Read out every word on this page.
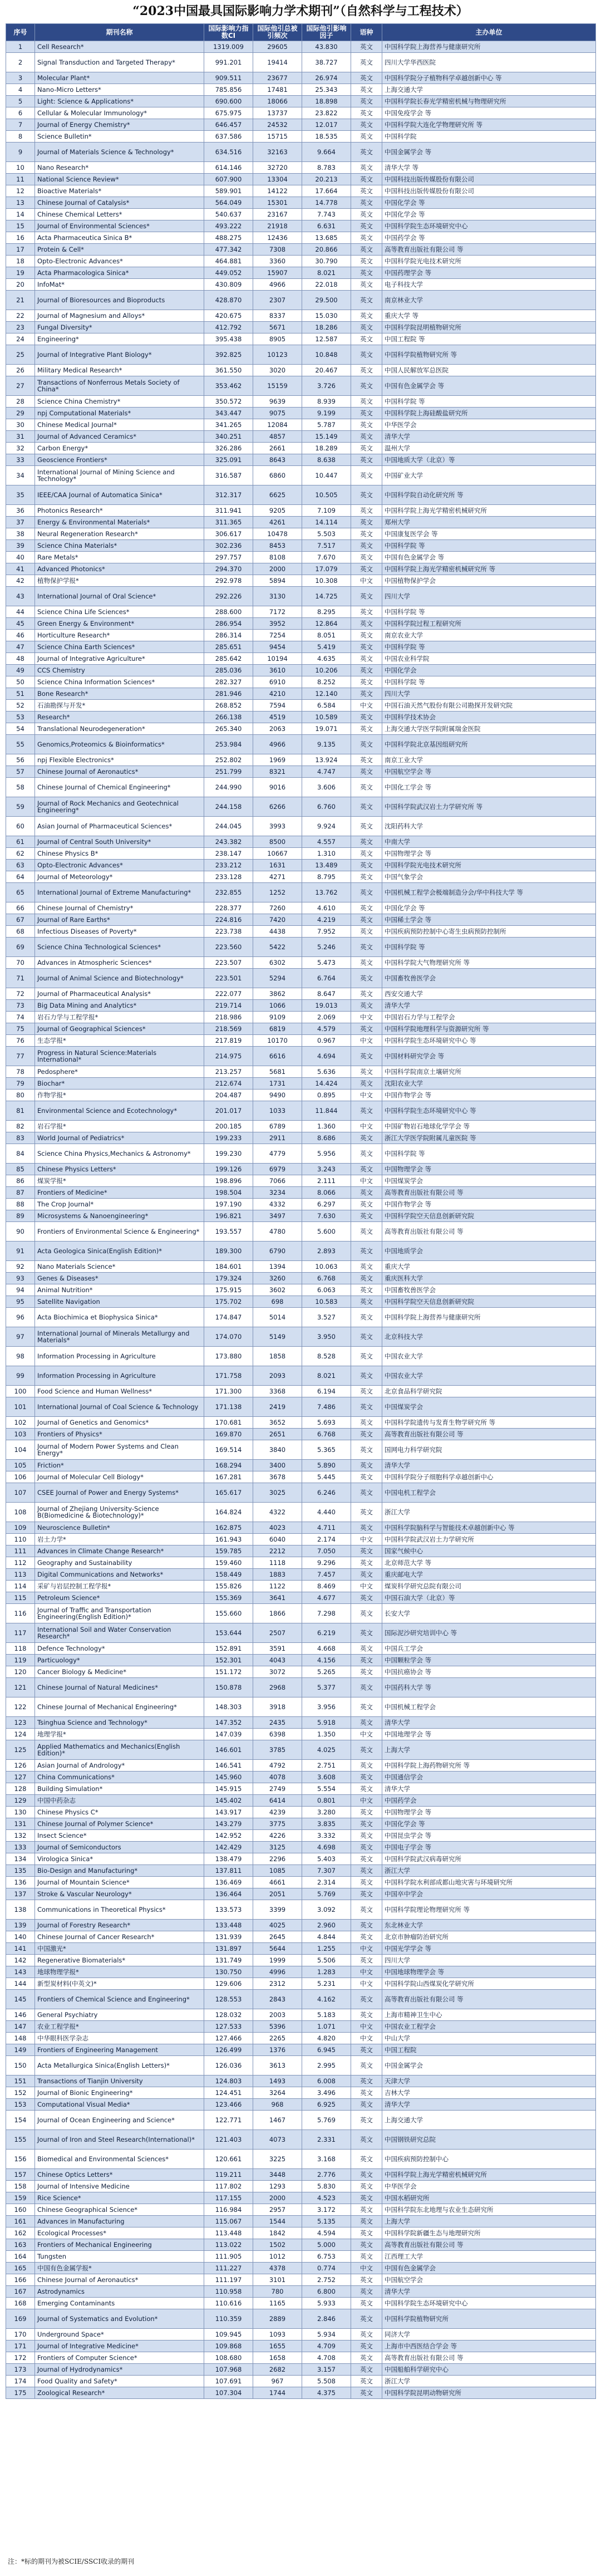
“2023中国最具国际影响力学术期刊”（自然科学与工程技术）
序号	期刊名称	国际影响力指数CI	国际他引总被引频次	国际他引影响因子	语种	主办单位
1	Cell Research*	1319.009	29605	43.830	英文	中国科学院上海营养与健康研究所
2	Signal Transduction and Targeted Therapy*	991.201	19414	38.727	英文	四川大学华西医院
3	Molecular Plant*	909.511	23677	26.974	英文	中国科学院分子植物科学卓越创新中心 等
4	Nano-Micro Letters*	785.856	17481	25.343	英文	上海交通大学
5	Light: Science & Applications*	690.600	18066	18.898	英文	中国科学院长春光学精密机械与物理研究所
6	Cellular & Molecular Immunology*	675.975	13737	23.822	英文	中国免疫学会 等
7	Journal of Energy Chemistry*	646.457	24532	12.017	英文	中国科学院大连化学物理研究所 等
8	Science Bulletin*	637.586	15715	18.535	英文	中国科学院
9	Journal of Materials Science & Technology*	634.516	32163	9.664	英文	中国金属学会 等
10	Nano Research*	614.146	32720	8.783	英文	清华大学 等
11	National Science Review*	607.900	13304	20.213	英文	中国科技出版传媒股份有限公司
12	Bioactive Materials*	589.901	14122	17.664	英文	中国科技出版传媒股份有限公司
13	Chinese Journal of Catalysis*	564.049	15301	14.778	英文	中国化学会 等
14	Chinese Chemical Letters*	540.637	23167	7.743	英文	中国化学会 等
15	Journal of Environmental Sciences*	493.222	21918	6.631	英文	中国科学院生态环境研究中心
16	Acta Pharmaceutica Sinica B*	488.275	12436	13.685	英文	中国药学会 等
17	Protein & Cell*	477.342	7308	20.866	英文	高等教育出版社有限公司 等
18	Opto-Electronic Advances*	464.881	3360	30.790	英文	中国科学院光电技术研究所
19	Acta Pharmacologica Sinica*	449.052	15907	8.021	英文	中国药理学会 等
20	InfoMat*	430.809	4966	22.018	英文	电子科技大学
21	Journal of Bioresources and Bioproducts	428.870	2307	29.500	英文	南京林业大学
22	Journal of Magnesium and Alloys*	420.675	8337	15.030	英文	重庆大学 等
23	Fungal Diversity*	412.792	5671	18.286	英文	中国科学院昆明植物研究所
24	Engineering*	395.438	8905	12.587	英文	中国工程院 等
25	Journal of Integrative Plant Biology*	392.825	10123	10.848	英文	中国科学院植物研究所 等
26	Military Medical Research*	361.550	3020	20.467	英文	中国人民解放军总医院
27	Transactions of Nonferrous Metals Society of China*	353.462	15159	3.726	英文	中国有色金属学会 等
28	Science China Chemistry*	350.572	9639	8.939	英文	中国科学院 等
29	npj Computational Materials*	343.447	9075	9.199	英文	中国科学院上海硅酸盐研究所
30	Chinese Medical Journal*	341.265	12084	5.787	英文	中华医学会
31	Journal of Advanced Ceramics*	340.251	4857	15.149	英文	清华大学
32	Carbon Energy*	326.286	2661	18.289	英文	温州大学
33	Geoscience Frontiers*	325.091	8643	8.638	英文	中国地质大学（北京）等
34	International Journal of Mining Science and Technology*	316.587	6860	10.447	英文	中国矿业大学
35	IEEE/CAA Journal of Automatica Sinica*	312.317	6625	10.505	英文	中国科学院自动化研究所 等
36	Photonics Research*	311.941	9205	7.109	英文	中国科学院上海光学精密机械研究所
37	Energy & Environmental Materials*	311.365	4261	14.114	英文	郑州大学
38	Neural Regeneration Research*	306.617	10478	5.503	英文	中国康复医学会 等
39	Science China Materials*	302.236	8453	7.517	英文	中国科学院 等
40	Rare Metals*	297.757	8108	7.670	英文	中国有色金属学会 等
41	Advanced Photonics*	294.370	2000	17.079	英文	中国科学院上海光学精密机械研究所 等
42	植物保护学报*	292.978	5894	10.308	中文	中国植物保护学会
43	International Journal of Oral Science*	292.226	3130	14.725	英文	四川大学
44	Science China Life Sciences*	288.600	7172	8.295	英文	中国科学院 等
45	Green Energy & Environment*	286.954	3952	12.864	英文	中国科学院过程工程研究所
46	Horticulture Research*	286.314	7254	8.051	英文	南京农业大学
47	Science China Earth Sciences*	285.651	9454	5.419	英文	中国科学院 等
48	Journal of Integrative Agriculture*	285.642	10194	4.635	英文	中国农业科学院
49	CCS Chemistry	285.036	3610	10.206	英文	中国化学会
50	Science China Information Sciences*	282.327	6910	8.252	英文	中国科学院 等
51	Bone Research*	281.946	4210	12.140	英文	四川大学
52	石油勘探与开发*	268.852	7594	6.584	中文	中国石油天然气股份有限公司勘探开发研究院
53	Research*	266.138	4519	10.589	英文	中国科学技术协会
54	Translational Neurodegeneration*	265.340	2063	19.071	英文	上海交通大学医学院附属瑞金医院
55	Genomics,Proteomics & Bioinformatics*	253.984	4966	9.135	英文	中国科学院北京基因组研究所
56	npj Flexible Electronics*	252.802	1969	13.924	英文	南京工业大学
57	Chinese Journal of Aeronautics*	251.799	8321	4.747	英文	中国航空学会 等
58	Chinese Journal of Chemical Engineering*	244.990	9016	3.606	英文	中国化工学会 等
59	Journal of Rock Mechanics and Geotechnical Engineering*	244.158	6266	6.760	英文	中国科学院武汉岩土力学研究所 等
60	Asian Journal of Pharmaceutical Sciences*	244.045	3993	9.924	英文	沈阳药科大学
61	Journal of Central South University*	243.382	8500	4.557	英文	中南大学
62	Chinese Physics B*	238.147	10667	1.310	英文	中国物理学会 等
63	Opto-Electronic Advances*	233.212	1631	13.489	英文	中国科学院光电技术研究所
64	Journal of Meteorology*	233.128	4271	8.795	英文	中国气象学会
65	International Journal of Extreme Manufacturing*	232.855	1252	13.762	英文	中国机械工程学会极端制造分会/华中科技大学 等
66	Chinese Journal of Chemistry*	228.377	7260	4.610	英文	中国化学会 等
67	Journal of Rare Earths*	224.816	7420	4.219	英文	中国稀土学会 等
68	Infectious Diseases of Poverty*	223.738	4438	7.952	英文	中国疾病预防控制中心寄生虫病预防控制所
69	Science China Technological Sciences*	223.560	5422	5.246	英文	中国科学院 等
70	Advances in Atmospheric Sciences*	223.507	6302	5.473	英文	中国科学院大气物理研究所 等
71	Journal of Animal Science and Biotechnology*	223.501	5294	6.764	英文	中国畜牧兽医学会
72	Journal of Pharmaceutical Analysis*	222.077	3862	8.647	英文	西安交通大学
73	Big Data Mining and Analytics*	219.714	1066	19.013	英文	清华大学
74	岩石力学与工程学报*	218.986	9109	2.069	中文	中国岩石力学与工程学会
75	Journal of Geographical Sciences*	218.569	6819	4.579	英文	中国科学院地理科学与资源研究所 等
76	生态学报*	217.819	10170	0.967	中文	中国科学院生态环境研究中心 等
77	Progress in Natural Science:Materials International*	214.975	6616	4.694	英文	中国材料研究学会 等
78	Pedosphere*	213.257	5681	5.636	英文	中国科学院南京土壤研究所
79	Biochar*	212.674	1731	14.424	英文	沈阳农业大学
80	作物学报*	204.487	9490	0.895	中文	中国作物学会 等
81	Environmental Science and Ecotechnology*	201.017	1033	11.844	英文	中国科学院生态环境研究中心 等
82	岩石学报*	200.185	6789	1.360	中文	中国矿物岩石地球化学学会 等
83	World Journal of Pediatrics*	199.233	2911	8.686	英文	浙江大学医学院附属儿童医院 等
84	Science China Physics,Mechanics & Astronomy*	199.230	4779	5.956	英文	中国科学院 等
85	Chinese Physics Letters*	199.126	6979	3.243	英文	中国物理学会 等
86	煤炭学报*	198.896	7066	2.111	中文	中国煤炭学会
87	Frontiers of Medicine*	198.504	3234	8.066	英文	高等教育出版社有限公司 等
88	The Crop Journal*	197.190	4332	6.297	英文	中国作物学会 等
89	Microsystems & Nanoengineering*	196.821	3497	7.630	英文	中国科学院空天信息创新研究院
90	Frontiers of Environmental Science & Engineering*	193.557	4780	5.600	英文	高等教育出版社有限公司 等
91	Acta Geologica Sinica(English Edition)*	189.300	6790	2.893	英文	中国地质学会
92	Nano Materials Science*	184.601	1394	10.063	英文	重庆大学
93	Genes & Diseases*	179.324	3260	6.768	英文	重庆医科大学
94	Animal Nutrition*	175.915	3602	6.063	英文	中国畜牧兽医学会
95	Satellite Navigation	175.702	698	10.583	英文	中国科学院空天信息创新研究院
96	Acta Biochimica et Biophysica Sinica*	174.847	5014	3.527	英文	中国科学院上海营养与健康研究所
97	International Journal of Minerals Metallurgy and Materials*	174.070	5149	3.950	英文	北京科技大学
98	Information Processing in Agriculture	173.880	1858	8.528	英文	中国农业大学
99	Information Processing in Agriculture	171.758	2093	8.021	英文	中国农业大学
100	Food Science and Human Wellness*	171.300	3368	6.194	英文	北京食品科学研究院
101	International Journal of Coal Science & Technology	171.138	2419	7.486	英文	中国煤炭学会
102	Journal of Genetics and Genomics*	170.681	3652	5.693	英文	中国科学院遗传与发育生物学研究所 等
103	Frontiers of Physics*	169.870	2651	6.768	英文	高等教育出版社有限公司 等
104	Journal of Modern Power Systems and Clean Energy*	169.514	3840	5.365	英文	国网电力科学研究院
105	Friction*	168.294	3400	5.890	英文	清华大学
106	Journal of Molecular Cell Biology*	167.281	3678	5.445	英文	中国科学院分子细胞科学卓越创新中心
107	CSEE Journal of Power and Energy Systems*	165.617	3025	6.246	英文	中国电机工程学会
108	Journal of Zhejiang University-Science B(Biomedicine & Biotechnology)*	164.824	4322	4.440	英文	浙江大学
109	Neuroscience Bulletin*	162.875	4023	4.711	英文	中国科学院脑科学与智能技术卓越创新中心 等
110	岩土力学*	161.943	6040	2.174	中文	中国科学院武汉岩土力学研究所
111	Advances in Climate Change Research*	159.785	2212	7.050	英文	国家气候中心
112	Geography and Sustainability	159.460	1118	9.296	英文	北京师范大学 等
113	Digital Communications and Networks*	158.449	1883	7.457	英文	重庆邮电大学
114	采矿与岩层控制工程学报*	155.826	1122	8.469	中文	煤炭科学研究总院有限公司
115	Petroleum Science*	155.369	3641	4.677	英文	中国石油大学（北京）等
116	Journal of Traffic and Transportation Engineering(English Edition)*	155.660	1866	7.298	英文	长安大学
117	International Soil and Water Conservation Research*	153.644	2507	6.219	英文	国际泥沙研究培训中心 等
118	Defence Technology*	152.891	3591	4.668	英文	中国兵工学会
119	Particuology*	152.301	4043	4.156	英文	中国颗粒学会 等
120	Cancer Biology & Medicine*	151.172	3072	5.265	英文	中国抗癌协会 等
121	Chinese Journal of Natural Medicines*	150.878	2968	5.377	英文	中国药科大学 等
122	Chinese Journal of Mechanical Engineering*	148.303	3918	3.956	英文	中国机械工程学会
123	Tsinghua Science and Technology*	147.352	2435	5.918	英文	清华大学
124	地理学报*	147.039	6398	1.350	中文	中国地理学会 等
125	Applied Mathematics and Mechanics(English Edition)*	146.601	3785	4.025	英文	上海大学
126	Asian Journal of Andrology*	146.541	4792	2.751	英文	中国科学院上海药物研究所 等
127	China Communications*	145.960	4078	3.608	英文	中国通信学会
128	Building Simulation*	145.915	2749	5.554	英文	清华大学
129	中国中药杂志	145.402	6414	0.801	中文	中国药学会
130	Chinese Physics C*	143.917	4239	3.280	英文	中国物理学会 等
131	Chinese Journal of Polymer Science*	143.279	3775	3.835	英文	中国化学会 等
132	Insect Science*	142.952	4226	3.332	英文	中国昆虫学会 等
133	Journal of Semiconductors	142.429	3125	4.698	英文	中国电子学会 等
134	Virologica Sinica*	138.479	2296	5.403	英文	中国科学院武汉病毒研究所
135	Bio-Design and Manufacturing*	137.811	1085	7.307	英文	浙江大学
136	Journal of Mountain Science*	136.469	4661	2.314	英文	中国科学院水利部成都山地灾害与环境研究所
137	Stroke & Vascular Neurology*	136.464	2051	5.769	英文	中国卒中学会
138	Communications in Theoretical Physics*	133.573	3399	3.092	英文	中国科学院理论物理研究所 等
139	Journal of Forestry Research*	133.448	4025	2.960	英文	东北林业大学
140	Chinese Journal of Cancer Research*	131.939	2645	4.844	英文	北京市肿瘤防治研究所
141	中国激光*	131.897	5644	1.255	中文	中国光学学会 等
142	Regenerative Biomaterials*	131.749	1999	5.506	英文	四川大学
143	地球物理学报*	130.750	4996	1.283	中文	中国地球物理学会 等
144	新型炭材料(中英文)*	129.606	2312	5.231	中文	中国科学院山西煤炭化学研究所
145	Frontiers of Chemical Science and Engineering*	128.553	2843	4.162	英文	高等教育出版社有限公司 等
146	General Psychiatry	128.032	2003	5.183	英文	上海市精神卫生中心
147	农业工程学报*	127.533	5396	1.071	中文	中国农业工程学会
148	中华眼科医学杂志	127.466	2265	4.820	中文	中山大学
149	Frontiers of Engineering Management	126.499	1376	6.945	英文	中国工程院
150	Acta Metallurgica Sinica(English Letters)*	126.036	3613	2.995	英文	中国金属学会
151	Transactions of Tianjin University	124.803	1493	6.008	英文	天津大学
152	Journal of Bionic Engineering*	124.451	3264	3.496	英文	吉林大学
153	Computational Visual Media*	123.466	968	6.925	英文	清华大学
154	Journal of Ocean Engineering and Science*	122.771	1467	5.769	英文	上海交通大学
155	Journal of Iron and Steel Research(International)*	121.403	4073	2.331	英文	中国钢铁研究总院
156	Biomedical and Environmental Sciences*	120.661	3225	3.168	英文	中国疾病预防控制中心
157	Chinese Optics Letters*	119.211	3448	2.776	英文	中国科学院上海光学精密机械研究所
158	Journal of Intensive Medicine	117.802	1293	5.830	英文	中华医学会
159	Rice Science*	117.155	2000	4.523	英文	中国水稻研究所
160	Chinese Geographical Science*	116.984	2957	3.172	英文	中国科学院东北地理与农业生态研究所
161	Advances in Manufacturing	115.067	1544	5.135	英文	上海大学
162	Ecological Processes*	113.448	1842	4.594	英文	中国科学院新疆生态与地理研究所
163	Frontiers of Mechanical Engineering	113.022	1502	5.000	英文	高等教育出版社有限公司 等
164	Tungsten	111.905	1012	6.753	英文	江西理工大学
165	中国有色金属学报*	111.227	4378	0.774	中文	中国有色金属学会
166	Chinese Journal of Aeronautics*	111.197	3101	2.752	英文	中国航空学会
167	Astrodynamics	110.958	780	6.800	英文	清华大学
168	Emerging Contaminants	110.616	1165	5.933	英文	中国科学院生态环境研究中心
169	Journal of Systematics and Evolution*	110.359	2889	2.846	英文	中国科学院植物研究所
170	Underground Space*	109.945	1093	5.934	英文	同济大学
171	Journal of Integrative Medicine*	109.868	1655	4.709	英文	上海市中西医结合学会 等
172	Frontiers of Computer Science*	108.680	1658	4.708	英文	高等教育出版社有限公司 等
173	Journal of Hydrodynamics*	107.968	2682	3.157	英文	中国船舶科学研究中心
174	Food Quality and Safety*	107.691	967	5.508	英文	浙江大学
175	Zoological Research*	107.304	1744	4.375	英文	中国科学院昆明动物研究所
注：*标的期刊为被SCIE/SSCI收录的期刊
